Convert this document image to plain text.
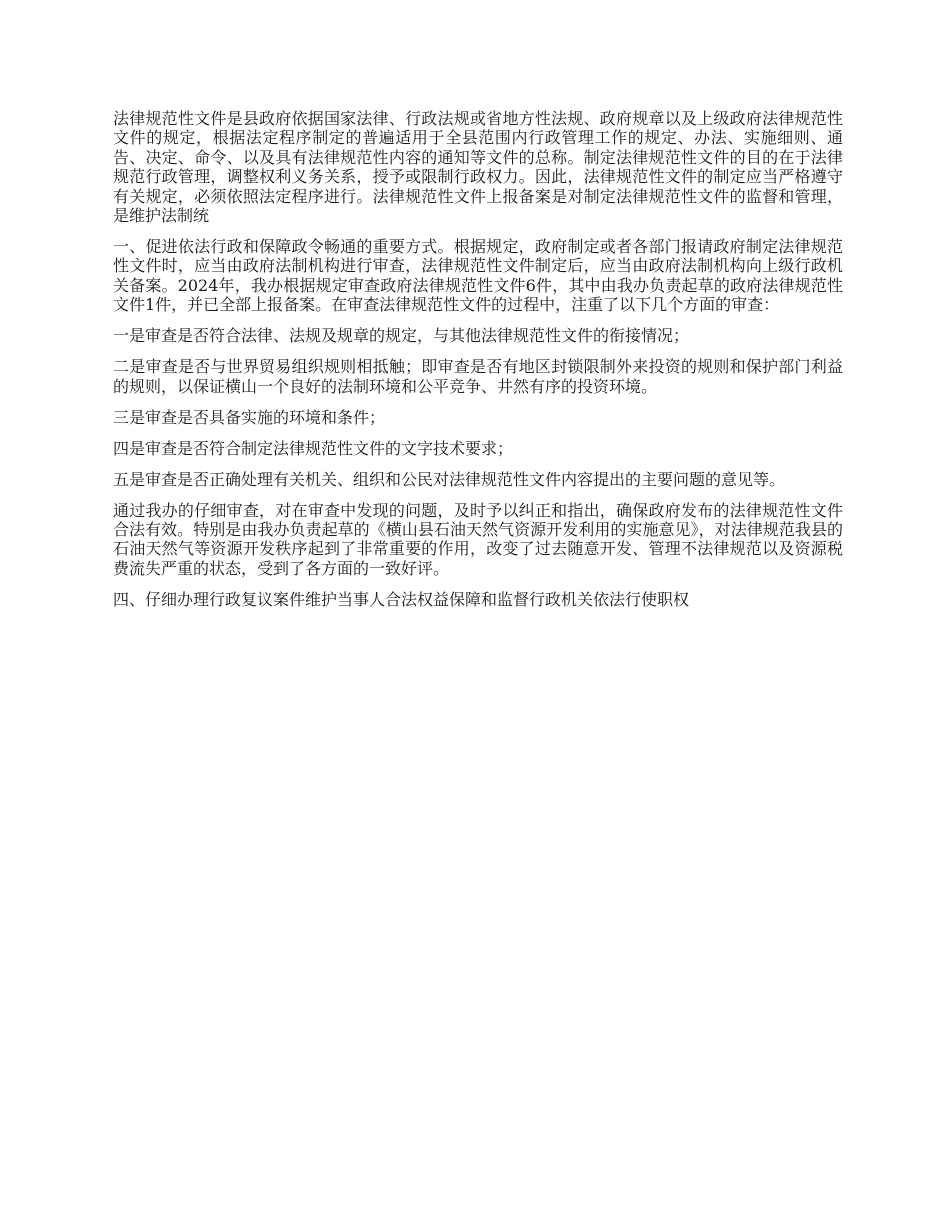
法律规范性文件是县政府依据国家法律、行政法规或省地方性法规、政府规章以及上级政府法律规范性文件的规定，根据法定程序制定的普遍适用于全县范围内行政管理工作的规定、办法、实施细则、通告、决定、命令、以及具有法律规范性内容的通知等文件的总称。制定法律规范性文件的目的在于法律规范行政管理，调整权利义务关系，授予或限制行政权力。因此，法律规范性文件的制定应当严格遵守有关规定，必须依照法定程序进行。法律规范性文件上报备案是对制定法律规范性文件的监督和管理，是维护法制统

一、促进依法行政和保障政令畅通的重要方式。根据规定，政府制定或者各部门报请政府制定法律规范性文件时，应当由政府法制机构进行审查，法律规范性文件制定后，应当由政府法制机构向上级行政机关备案。2024年，我办根据规定审查政府法律规范性文件6件，其中由我办负责起草的政府法律规范性文件1件，并已全部上报备案。在审查法律规范性文件的过程中，注重了以下几个方面的审查：

一是审查是否符合法律、法规及规章的规定，与其他法律规范性文件的衔接情况；

二是审查是否与世界贸易组织规则相抵触；即审查是否有地区封锁限制外来投资的规则和保护部门利益的规则，以保证横山一个良好的法制环境和公平竞争、井然有序的投资环境。

三是审查是否具备实施的环境和条件；

四是审查是否符合制定法律规范性文件的文字技术要求；

五是审查是否正确处理有关机关、组织和公民对法律规范性文件内容提出的主要问题的意见等。

通过我办的仔细审查，对在审查中发现的问题，及时予以纠正和指出，确保政府发布的法律规范性文件合法有效。特别是由我办负责起草的《横山县石油天然气资源开发利用的实施意见》，对法律规范我县的石油天然气等资源开发秩序起到了非常重要的作用，改变了过去随意开发、管理不法律规范以及资源税费流失严重的状态，受到了各方面的一致好评。

四、仔细办理行政复议案件维护当事人合法权益保障和监督行政机关依法行使职权
